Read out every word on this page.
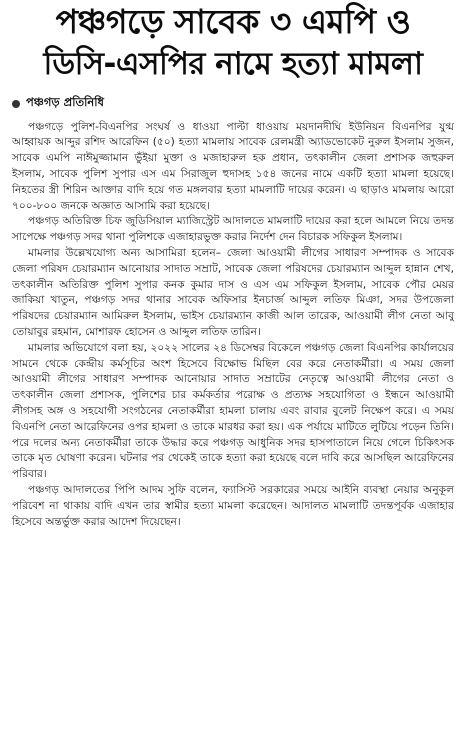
পঞ্চগড়ে সাবেক ৩ এমপি ও
ডিসি-এসপির নামে হত্যা মামলা
পঞ্চগড় প্রতিনিধি

পঞ্চগড়ে পুলিশ-বিএনপির সংঘর্ষ ও ধাওয়া পাল্টা ধাওয়ায় ময়দানদীঘি ইউনিয়ন বিএনপির যুগ্ম আহ্বায়ক আব্দুর রশিদ আরেফিন (৫০) হত্যা মামলায় সাবেক রেলমন্ত্রী অ্যাডভোকেট নুরুল ইসলাম সুজন, সাবেক এমপি নাঈমুজ্জামান ভুঁইয়া মুক্তা ও মজাহারুল হক প্রধান, তৎকালীন জেলা প্রশাসক জহুরুল ইসলাম, সাবেক পুলিশ সুপার এস এম সিরাজুল হুদাসহ ১৫৪ জনের নামে একটি হত্যা মামলা হয়েছে। নিহতের স্ত্রী শিরিন আক্তার বাদি হয়ে গত মঙ্গলবার হত্যা মামলাটি দায়ের করেন। এ ছাড়াও মামলায় আরো ৭০০-৮০০ জনকে অজ্ঞাত আসামি করা হয়েছে।

পঞ্চগড় অতিরিক্ত চিফ জুডিসিয়াল ম্যাজিস্ট্রেট আদালতে মামলাটি দায়ের করা হলে আমলে নিয়ে তদন্ত সাপেক্ষে পঞ্চগড় সদর থানা পুলিশকে এজাহারভুক্ত করার নির্দেশ দেন বিচারক সফিকুল ইসলাম।

মামলার উল্লেখযোগ্য অন্য আসামিরা হলেন– জেলা আওয়ামী লীগের সাধারণ সম্পাদক ও সাবেক জেলা পরিষদ চেয়ারম্যান আনোয়ার সাদাত সম্রাট, সাবেক জেলা পরিষদের চেয়ারম্যান আব্দুল হান্নান শেখ, তৎকালীন অতিরিক্ত পুলিশ সুপার কনক কুমার দাস ও এস এম সফিকুল ইসলাম, সাবেক পৌর মেয়র জাকিয়া খাতুন, পঞ্চগড় সদর থানার সাবেক অফিসার ইনচার্জ আব্দুল লতিফ মিঞা, সদর উপজেলা পরিষদের চেয়ারম্যান আমিরুল ইসলাম, ভাইস চেয়ারম্যান কাজী আল তারেক, আওয়ামী লীগ নেতা আবু তোয়াবুর রহমান, মোশারফ হোসেন ও আব্দুল লতিফ তারিন।

মামলার অভিযোগে বলা হয়, ২০২২ সালের ২৪ ডিসেম্বর বিকেলে পঞ্চগড় জেলা বিএনপির কার্যালয়ের সামনে থেকে কেন্দ্রীয় কর্মসূচির অংশ হিসেবে বিক্ষোভ মিছিল বের করে নেতাকর্মীরা। এ সময় জেলা আওয়ামী লীগের সাধারণ সম্পাদক আনোয়ার সাদাত সম্রাটের নেতৃত্বে আওয়ামী লীগের নেতা ও তৎকালীন জেলা প্রশাসক, পুলিশের চার কর্মকর্তার পরোক্ষ ও প্রত্যক্ষ সহযোগিতা ও ইন্ধনে আওয়ামী লীগসহ অঙ্গ ও সহযোগী সংগঠনের নেতাকর্মীরা হামলা চালায় এবং রাবার বুলেট নিক্ষেপ করে। এ সময় বিএনপি নেতা আরেফিনের ওপর হামলা ও তাকে মারধর করা হয়। এক পর্যায়ে মাটিতে লুটিয়ে পড়েন তিনি। পরে দলের অন্য নেতাকর্মীরা তাকে উদ্ধার করে পঞ্চগড় আধুনিক সদর হাসপাতালে নিয়ে গেলে চিকিৎসক তাকে মৃত ঘোষণা করেন। ঘটনার পর থেকেই তাকে হত্যা করা হয়েছে বলে দাবি করে আসছিল আরেফিনের পরিবার।

পঞ্চগড় আদালতের পিপি আদম সুফি বলেন, ফ্যাসিস্ট সরকারের সময়ে আইনি ব্যবস্থা নেয়ার অনুকূল পরিবেশ না থাকায় বাদি এখন তার স্বামীর হত্যা মামলা করেছেন। আদালত মামলাটি তদন্তপূর্বক এজাহার হিসেবে অন্তর্ভুক্ত করার আদেশ দিয়েছেন।
